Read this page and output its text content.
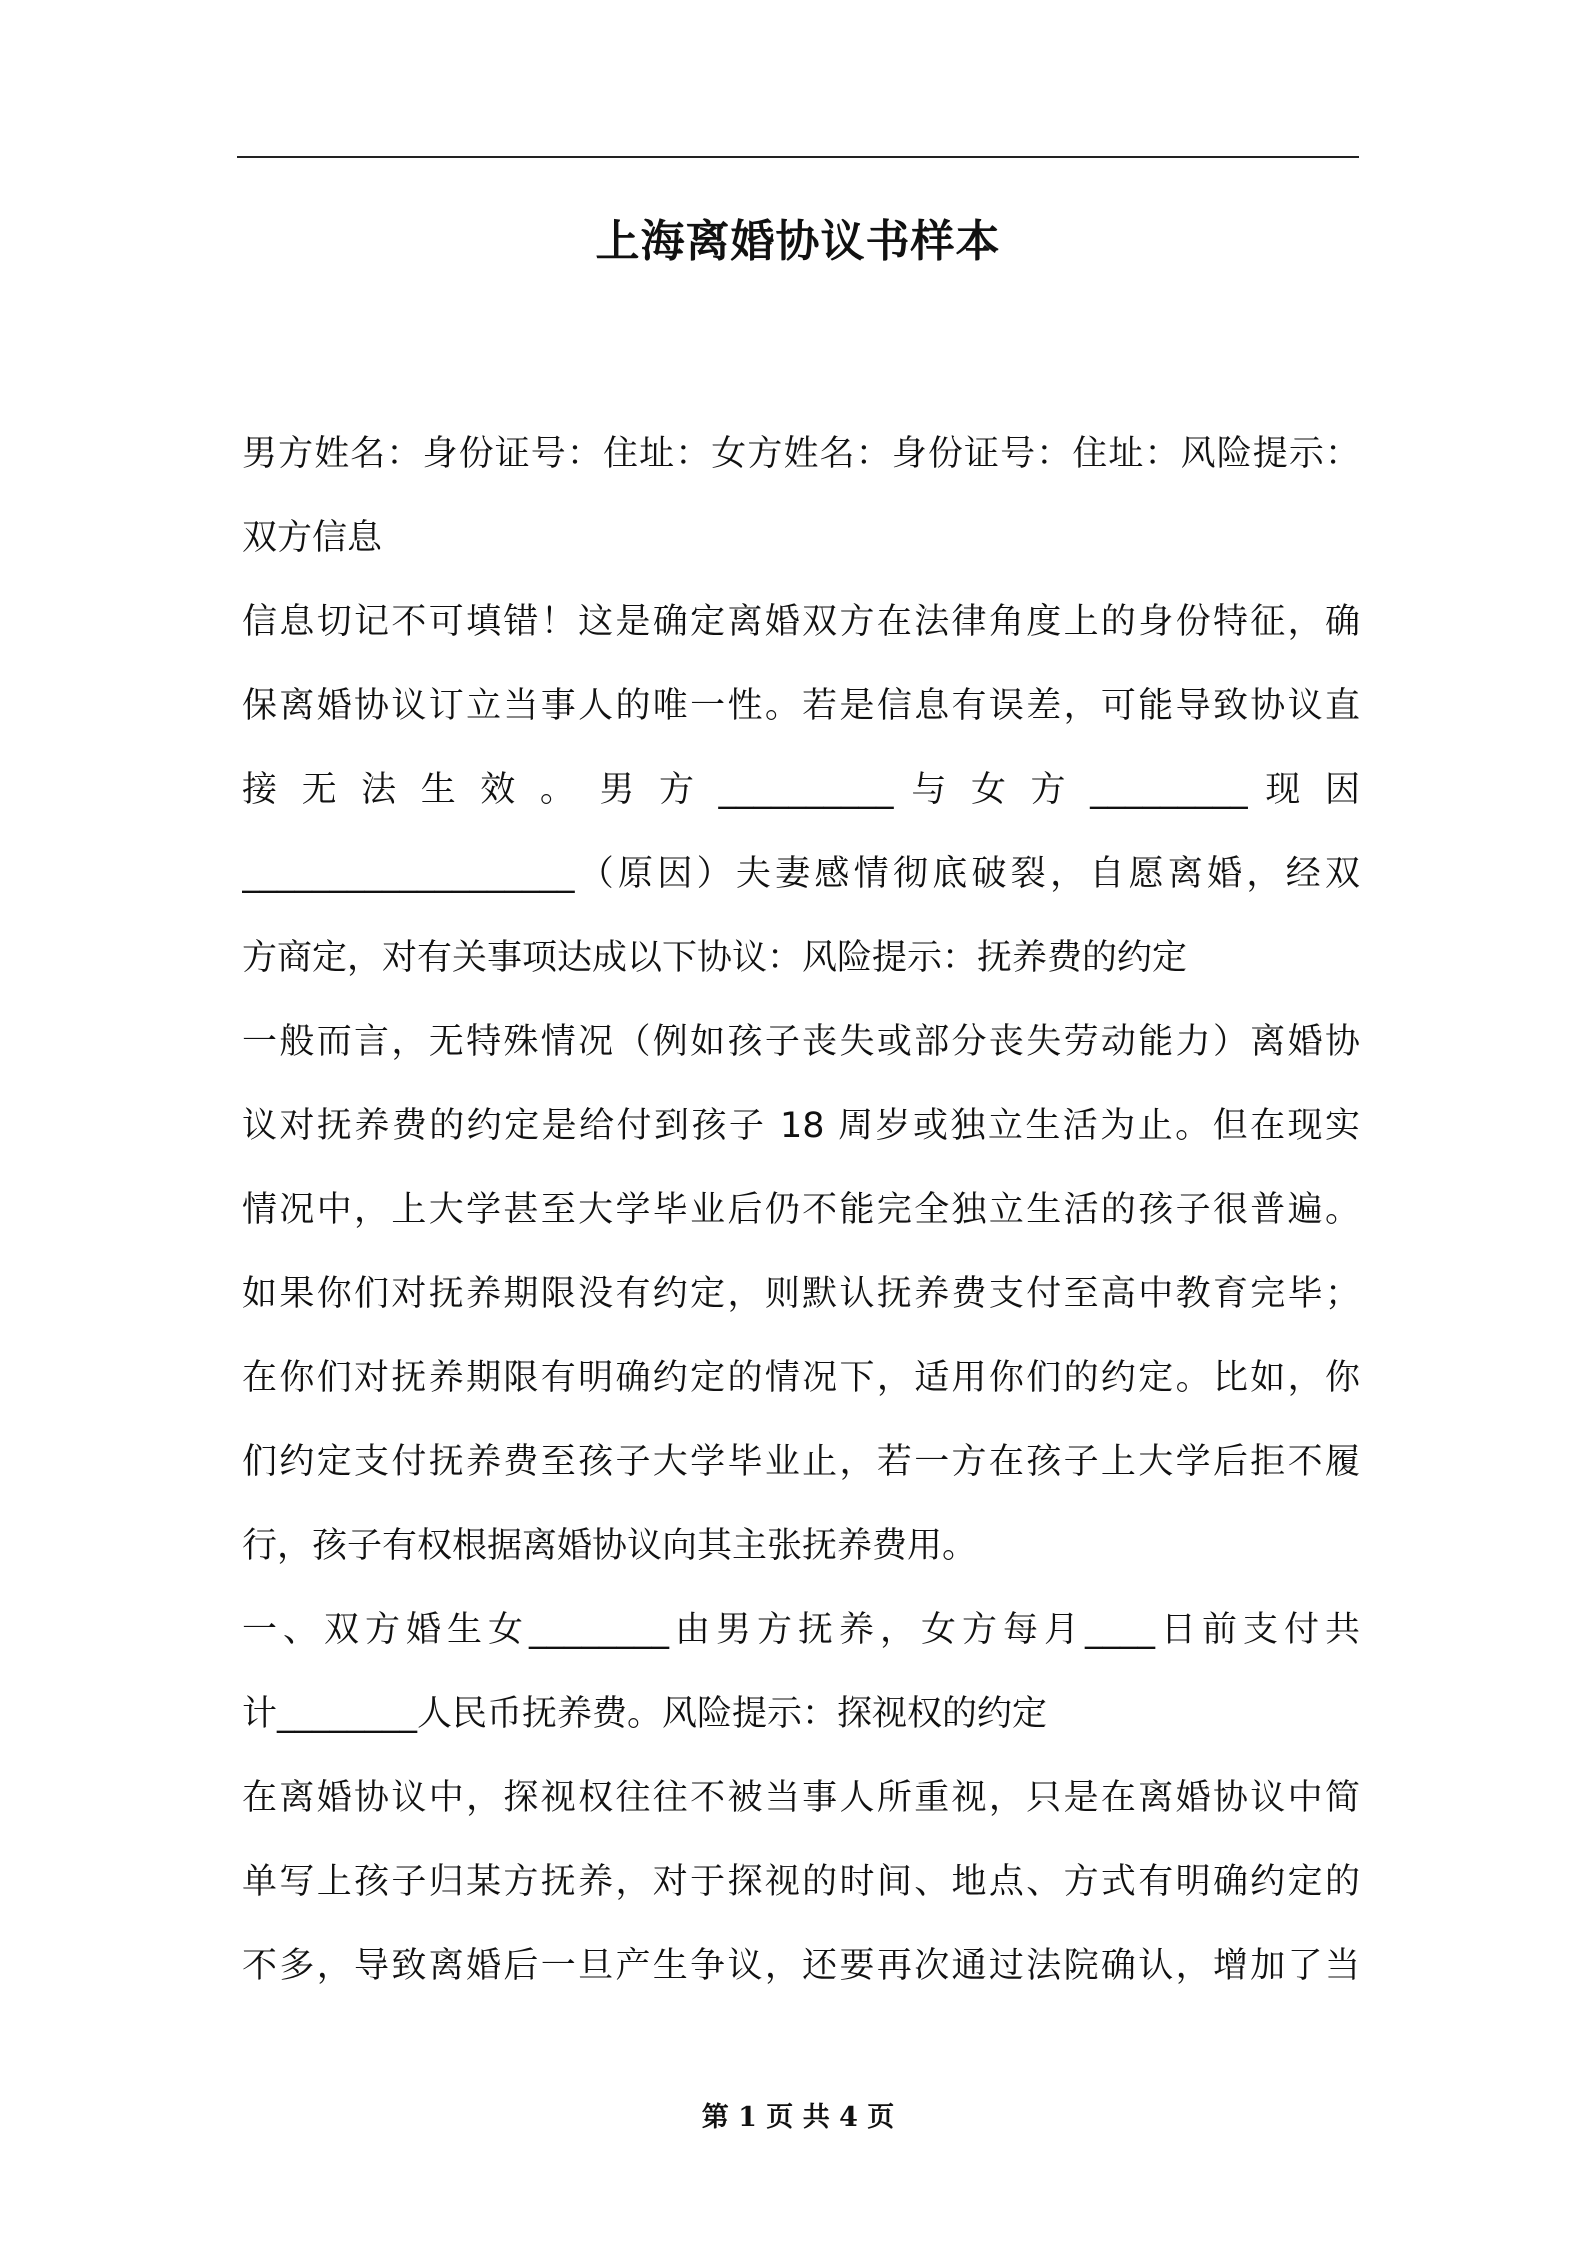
上海离婚协议书样本
男方姓名：身份证号：住址：女方姓名：身份证号：住址：风险提示：
双方信息
信息切记不可填错！这是确定离婚双方在法律角度上的身份特征，确
保离婚协议订立当事人的唯一性。若是信息有误差，可能导致协议直
接 无 法 生 效 。 男 方 __________ 与 女 方 _________ 现 因
___________________（原因）夫妻感情彻底破裂，自愿离婚，经双
方商定，对有关事项达成以下协议：风险提示：抚养费的约定
一般而言，无特殊情况（例如孩子丧失或部分丧失劳动能力）离婚协
议对抚养费的约定是给付到孩子 18 周岁或独立生活为止。但在现实
情况中，上大学甚至大学毕业后仍不能完全独立生活的孩子很普遍。
如果你们对抚养期限没有约定，则默认抚养费支付至高中教育完毕；
在你们对抚养期限有明确约定的情况下，适用你们的约定。比如，你
们约定支付抚养费至孩子大学毕业止，若一方在孩子上大学后拒不履
行，孩子有权根据离婚协议向其主张抚养费用。
一、双方婚生女________由男方抚养，女方每月____日前支付共
计________人民币抚养费。风险提示：探视权的约定
在离婚协议中，探视权往往不被当事人所重视，只是在离婚协议中简
单写上孩子归某方抚养，对于探视的时间、地点、方式有明确约定的
不多，导致离婚后一旦产生争议，还要再次通过法院确认，增加了当
第 1 页 共 4 页
